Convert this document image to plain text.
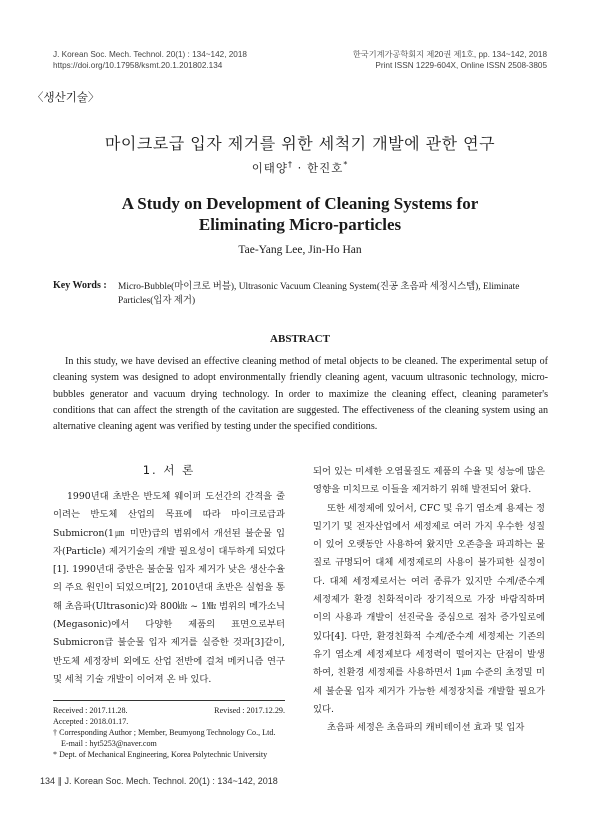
J. Korean Soc. Mech. Technol. 20(1) : 134~142, 2018
https://doi.org/10.17958/ksmt.20.1.201802.134
한국기계가공학회지 제20권 제1호, pp. 134~142, 2018
Print ISSN 1229-604X, Online ISSN 2508-3805
〈생산기술〉
마이크로급 입자 제거를 위한 세척기 개발에 관한 연구
이태양† · 한진호*
A Study on Development of Cleaning Systems for
Eliminating Micro-particles
Tae-Yang Lee, Jin-Ho Han
Key Words : Micro-Bubble(마이크로 버블), Ultrasonic Vacuum Cleaning System(진공 초음파 세정시스템), Eliminate Particles(입자 제거)
ABSTRACT

In this study, we have devised an effective cleaning method of metal objects to be cleaned. The experimental setup of cleaning system was designed to adopt environmentally friendly cleaning agent, vacuum ultrasonic technology, micro-bubbles generator and vacuum drying technology. In order to maximize the cleaning effect, cleaning parameter's conditions that can affect the strength of the cavitation are suggested. The effectiveness of the cleaning system using an alternative cleaning agent was verified by testing under the specified conditions.

1. 서 론

1990년대 초반은 반도체 웨이퍼 도선간의 간격을 줄이려는 반도체 산업의 목표에 따라 마이크로급과 Submicron(1㎛ 미만)급의 범위에서 개선된 불순물 입자(Particle) 제거기술의 개발 필요성이 대두하게 되었다[1]. 1990년대 중반은 불순물 입자 제거가 낮은 생산수율의 주요 원인이 되었으며[2], 2010년대 초반은 실험을 통해 초음파(Ultrasonic)와 800㎑ ~ 1㎒ 범위의 메가소닉(Megasonic)에서 다양한 제품의 표면으로부터 Submicron급 불순물 입자 제거를 실증한 것과[3]같이, 반도체 세정장비 외에도 산업 전반에 걸쳐 메커니즘 연구 및 세척 기술 개발이 이어져 온 바 있다.

되어 있는 미세한 오염물질도 제품의 수율 및 성능에 많은 영향을 미치므로 이들을 제거하기 위해 발전되어 왔다.

또한 세정제에 있어서, CFC 및 유기 염소계 용제는 정밀기기 및 전자산업에서 세정제로 여러 가지 우수한 성질이 있어 오랫동안 사용하여 왔지만 오존층을 파괴하는 물질로 규명되어 대체 세정제로의 사용이 불가피한 실정이다. 대체 세정제로서는 여러 종류가 있지만 수계/준수계 세정제가 환경 친화적이라 장기적으로 가장 바람직하며 이의 사용과 개발이 선진국을 중심으로 점차 증가일로에 있다[4]. 다만, 환경친화적 수계/준수계 세정제는 기존의 유기 염소계 세정제보다 세정력이 떨어지는 단점이 발생하여, 친환경 세정제를 사용하면서 1㎛ 수준의 초정밀 미세 불순물 입자 제거가 가능한 세정장치를 개발할 필요가 있다.

초음파 세정은 초음파의 캐비테이션 효과 및 입자

Received : 2017.11.28.	Revised : 2017.12.29.
Accepted : 2018.01.17.
† Corresponding Author ; Member, Beumyong Technology Co., Ltd.
E-mail : hyt5253@naver.com
* Dept. of Mechanical Engineering, Korea Polytechnic University
134 ∥ J. Korean Soc. Mech. Technol. 20(1) : 134~142, 2018
